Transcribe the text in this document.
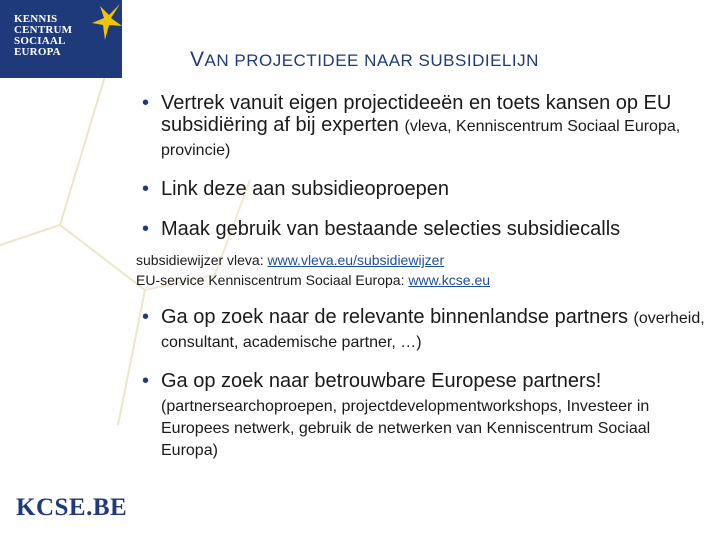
KENNIS
CENTRUM
SOCIAAL
EUROPA	VAN PROJECTIDEE NAAR SUBSIDIELIJN
• Vertrek vanuit eigen projectideeën en toets kansen op EU subsidiëring af bij experten (vleva, Kenniscentrum Sociaal Europa, provincie)
• Link deze aan subsidieoproepen
• Maak gebruik van bestaande selecties subsidiecalls
subsidiewijzer vleva: www.vleva.eu/subsidiewijzer
EU-service Kenniscentrum Sociaal Europa: www.kcse.eu
• Ga op zoek naar de relevante binnenlandse partners (overheid, consultant, academische partner, …)
• Ga op zoek naar betrouwbare Europese partners!
(partnersearchoproepen, projectdevelopmentworkshops, Investeer in Europees netwerk, gebruik de netwerken van Kenniscentrum Sociaal Europa)
KCSE.BE
